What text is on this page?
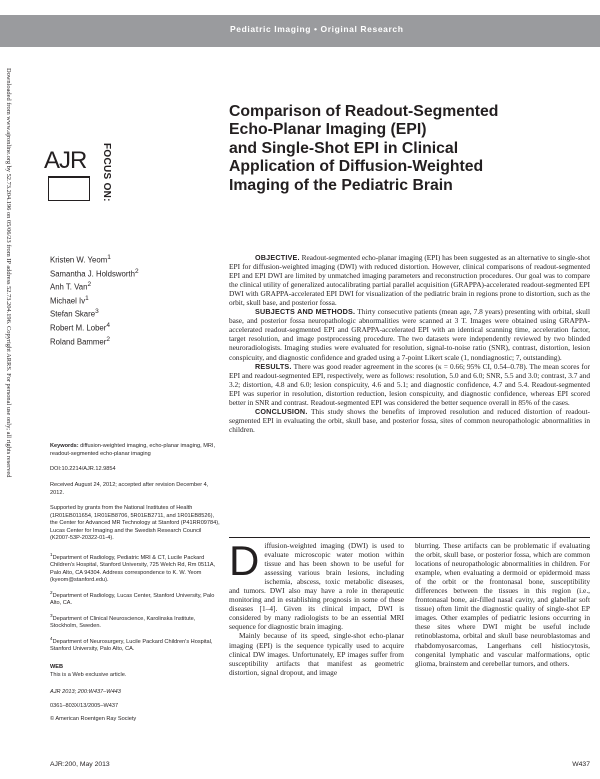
Pediatric Imaging • Original Research
Downloaded from www.ajronline.org by 52.73.204.196 on 05/06/23 from IP address 52.73.204.196. Copyright ARRS. For personal use only; all rights reserved AJR FOCUS ON:
Comparison of Readout-Segmented
Echo-Planar Imaging (EPI)
and Single-Shot EPI in Clinical
Application of Diffusion-Weighted
Imaging of the Pediatric Brain
Kristen W. Yeom$^1$
Samantha J. Holdsworth$^2$
Anh T. Van$^2$
Michael Iv$^1$
Stefan Skare$^3$
Robert M. Lober$^4$
Roland Bammer$^2$

Keywords: diffusion-weighted imaging, echo-planar imaging, MRI, readout-segmented echo-planar imaging

DOI:10.2214/AJR.12.9854

Received August 24, 2012; accepted after revision December 4, 2012.

Supported by grants from the National Institutes of Health (1R01EB011654, 1R01EB8706, 5R01EB2711, and 1R01EB8526), the Center for Advanced MR Technology at Stanford (P41RR09784), Lucas Center for Imaging and the Swedish Research Council (K2007-53P-20322-01-4).

$^1$Department of Radiology, Pediatric MRI & CT, Lucile Packard Children's Hospital, Stanford University, 725 Welch Rd, Rm 0511A, Palo Alto, CA 94304. Address correspondence to K. W. Yeom (kyeom@stanford.edu).

$^2$Department of Radiology, Lucas Center, Stanford University, Palo Alto, CA.

$^3$Department of Clinical Neuroscience, Karolinska Institute, Stockholm, Sweden.

$^4$Department of Neurosurgery, Lucile Packard Children's Hospital, Stanford University, Palo Alto, CA.

WEB

This is a Web exclusive article.

AJR 2013; 200:W437–W443

0361–803X/13/2005–W437

© American Roentgen Ray Society

OBJECTIVE. Readout-segmented echo-planar imaging (EPI) has been suggested as an alternative to single-shot EPI for diffusion-weighted imaging (DWI) with reduced distortion. However, clinical comparisons of readout-segmented EPI and EPI DWI are limited by unmatched imaging parameters and reconstruction procedures. Our goal was to compare the clinical utility of generalized autocalibrating partial parallel acquisition (GRAPPA)-accelerated readout-segmented EPI DWI with GRAPPA-accelerated EPI DWI for visualization of the pediatric brain in regions prone to distortion, such as the orbit, skull base, and posterior fossa.

SUBJECTS AND METHODS. Thirty consecutive patients (mean age, 7.8 years) presenting with orbital, skull base, and posterior fossa neuropathologic abnormalities were scanned at 3 T. Images were obtained using GRAPPA-accelerated readout-segmented EPI and GRAPPA-accelerated EPI with an identical scanning time, acceleration factor, target resolution, and image postprocessing procedure. The two datasets were independently reviewed by two blinded neuroradiologists. Imaging studies were evaluated for resolution, signal-to-noise ratio (SNR), contrast, distortion, lesion conspicuity, and diagnostic confidence and graded using a 7-point Likert scale (1, nondiagnostic; 7, outstanding).

RESULTS. There was good reader agreement in the scores (κ = 0.66; 95% CI, 0.54–0.78). The mean scores for EPI and readout-segmented EPI, respectively, were as follows: resolution, 5.0 and 6.0; SNR, 5.5 and 3.0; contrast, 3.7 and 3.2; distortion, 4.8 and 6.0; lesion conspicuity, 4.6 and 5.1; and diagnostic confidence, 4.7 and 5.4. Readout-segmented EPI was superior in resolution, distortion reduction, lesion conspicuity, and diagnostic confidence, whereas EPI scored better in SNR and contrast. Readout-segmented EPI was considered the better sequence overall in 85% of the cases.

CONCLUSION. This study shows the benefits of improved resolution and reduced distortion of readout-segmented EPI in evaluating the orbit, skull base, and posterior fossa, sites of common neuropathologic abnormalities in children.

Diffusion-weighted imaging (DWI) is used to evaluate microscopic water motion within tissue and has been shown to be useful for assessing various brain lesions, including ischemia, abscess, toxic metabolic diseases, and tumors. DWI also may have a role in therapeutic monitoring and in establishing prognosis in some of these diseases [1–4]. Given its clinical impact, DWI is considered by many radiologists to be an essential MRI sequence for diagnostic brain imaging.

Mainly because of its speed, single-shot echo-planar imaging (EPI) is the sequence typically used to acquire clinical DW images. Unfortunately, EP images suffer from susceptibility artifacts that manifest as geometric distortion, signal dropout, and image

blurring. These artifacts can be problematic if evaluating the orbit, skull base, or posterior fossa, which are common locations of neuropathologic abnormalities in children. For example, when evaluating a dermoid or epidermoid mass of the orbit or the frontonasal bone, susceptibility differences between the tissues in this region (i.e., frontonasal bone, air-filled nasal cavity, and glabellar soft tissue) often limit the diagnostic quality of single-shot EP images. Other examples of pediatric lesions occurring in these sites where DWI might be useful include retinoblastoma, orbital and skull base neuroblastomas and rhabdomyosarcomas, Langerhans cell histiocytosis, congenital lymphatic and vascular malformations, optic glioma, brainstem and cerebellar tumors, and others.

AJR:200, May 2013	W437
